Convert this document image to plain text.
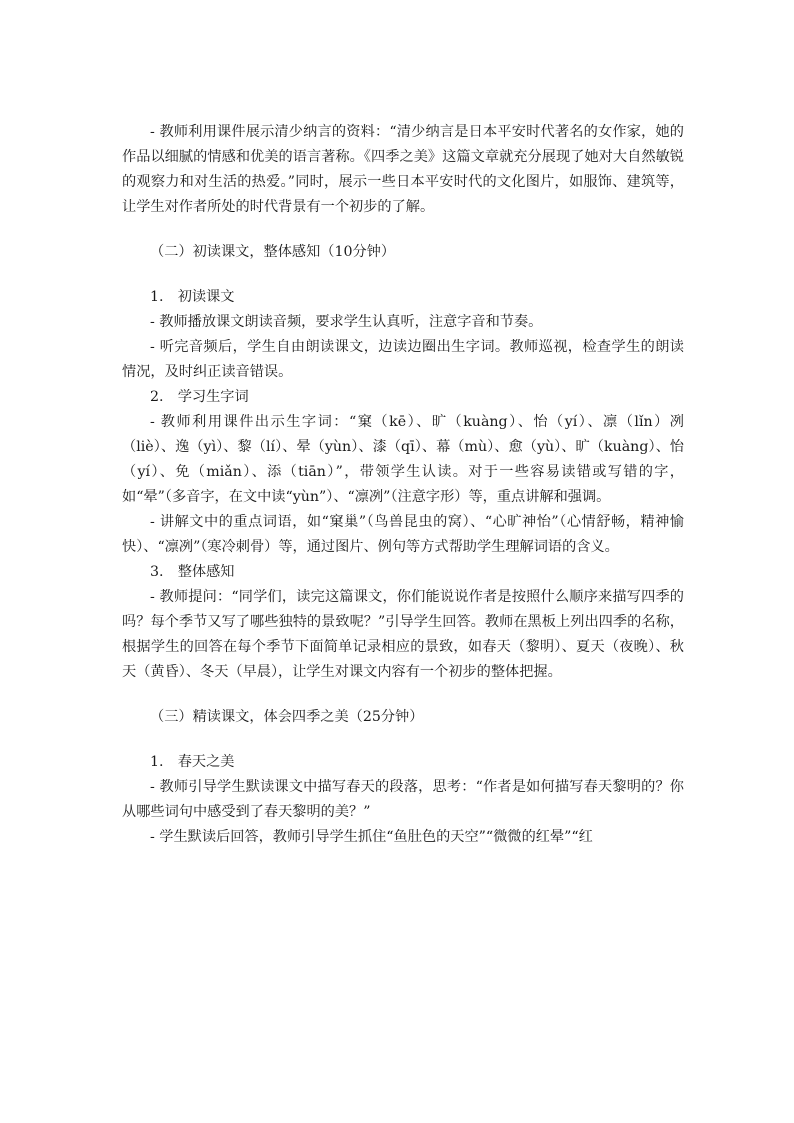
- 教师利用课件展示清少纳言的资料：“清少纳言是日本平安时代著名的女作家，她的作品以细腻的情感和优美的语言著称。《四季之美》这篇文章就充分展现了她对大自然敏锐的观察力和对生活的热爱。”同时，展示一些日本平安时代的文化图片，如服饰、建筑等，让学生对作者所处的时代背景有一个初步的了解。

（二）初读课文，整体感知（10分钟）

1.　初读课文

- 教师播放课文朗读音频，要求学生认真听，注意字音和节奏。

- 听完音频后，学生自由朗读课文，边读边圈出生字词。教师巡视，检查学生的朗读情况，及时纠正读音错误。

2.　学习生字词

- 教师利用课件出示生字词：“窠（kē）、旷（kuàng）、怡（yí）、凛（lǐn）冽（liè）、逸（yì）、黎（lí）、晕（yùn）、漆（qī）、幕（mù）、愈（yù）、旷（kuàng）、怡（yí）、免（miǎn）、添（tiān）”，带领学生认读。对于一些容易读错或写错的字，如“晕”（多音字，在文中读“yùn”）、“凛冽”（注意字形）等，重点讲解和强调。

- 讲解文中的重点词语，如“窠巢”（鸟兽昆虫的窝）、“心旷神怡”（心情舒畅，精神愉快）、“凛冽”（寒冷刺骨）等，通过图片、例句等方式帮助学生理解词语的含义。

3.　整体感知

- 教师提问：“同学们，读完这篇课文，你们能说说作者是按照什么顺序来描写四季的吗？每个季节又写了哪些独特的景致呢？”引导学生回答。教师在黑板上列出四季的名称，根据学生的回答在每个季节下面简单记录相应的景致，如春天（黎明）、夏天（夜晚）、秋天（黄昏）、冬天（早晨），让学生对课文内容有一个初步的整体把握。

（三）精读课文，体会四季之美（25分钟）

1.　春天之美

- 教师引导学生默读课文中描写春天的段落，思考：“作者是如何描写春天黎明的？你从哪些词句中感受到了春天黎明的美？”

- 学生默读后回答，教师引导学生抓住“鱼肚色的天空”“微微的红晕”“红
